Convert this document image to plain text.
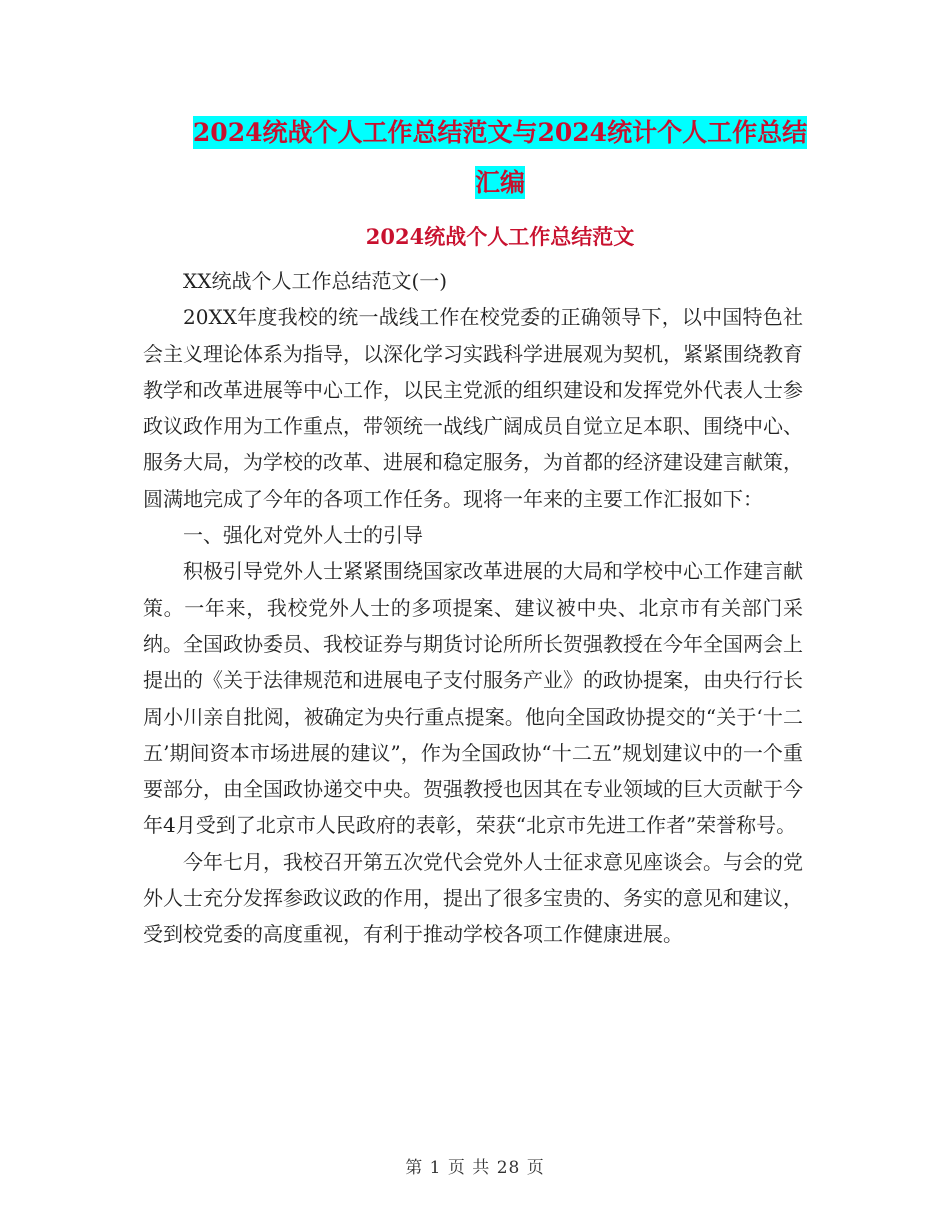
2024统战个人工作总结范文与2024统计个人工作总结
汇编
2024统战个人工作总结范文

XX统战个人工作总结范文(一)

20XX年度我校的统一战线工作在校党委的正确领导下，以中国特色社会主义理论体系为指导，以深化学习实践科学进展观为契机，紧紧围绕教育教学和改革进展等中心工作，以民主党派的组织建设和发挥党外代表人士参政议政作用为工作重点，带领统一战线广阔成员自觉立足本职、围绕中心、服务大局，为学校的改革、进展和稳定服务，为首都的经济建设建言献策，圆满地完成了今年的各项工作任务。现将一年来的主要工作汇报如下：

一、强化对党外人士的引导

积极引导党外人士紧紧围绕国家改革进展的大局和学校中心工作建言献策。一年来，我校党外人士的多项提案、建议被中央、北京市有关部门采纳。全国政协委员、我校证券与期货讨论所所长贺强教授在今年全国两会上提出的《关于法律规范和进展电子支付服务产业》的政协提案，由央行行长周小川亲自批阅，被确定为央行重点提案。他向全国政协提交的“关于‘十二五’期间资本市场进展的建议”，作为全国政协“十二五”规划建议中的一个重要部分，由全国政协递交中央。贺强教授也因其在专业领域的巨大贡献于今年4月受到了北京市人民政府的表彰，荣获“北京市先进工作者”荣誉称号。

今年七月，我校召开第五次党代会党外人士征求意见座谈会。与会的党外人士充分发挥参政议政的作用，提出了很多宝贵的、务实的意见和建议，受到校党委的高度重视，有利于推动学校各项工作健康进展。

第 1 页 共 28 页
